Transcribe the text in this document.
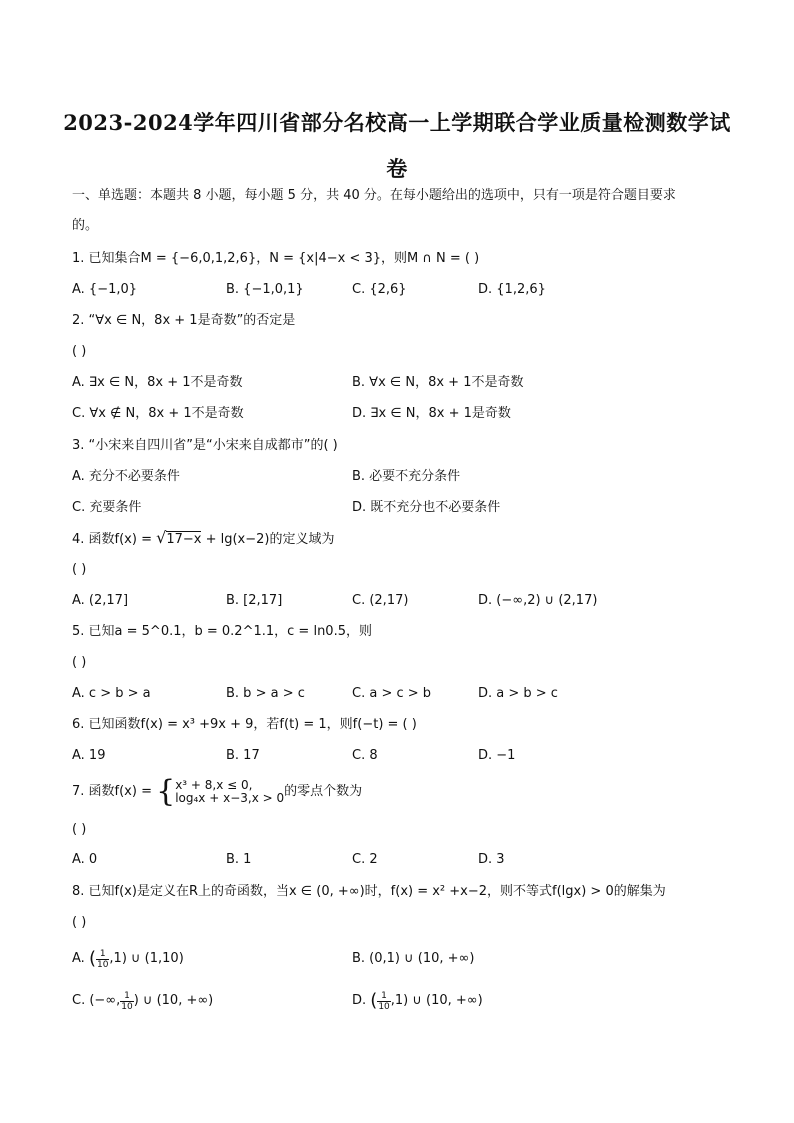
2023-2024学年四川省部分名校高一上学期联合学业质量检测数学试卷
一、单选题：本题共 8 小题，每小题 5 分，共 40 分。在每小题给出的选项中，只有一项是符合题目要求
的。
1. 已知集合M = {−6,0,1,2,6}，N = {x|4−x < 3}，则M ∩ N = ( )
A. {−1,0}	B. {−1,0,1}	C. {2,6}	D. {1,2,6}
2. “∀x ∈ N，8x + 1是奇数”的否定是
( )
A. ∃x ∈ N，8x + 1不是奇数	B. ∀x ∈ N，8x + 1不是奇数
C. ∀x ∉ N，8x + 1不是奇数	D. ∃x ∈ N，8x + 1是奇数
3. “小宋来自四川省”是“小宋来自成都市”的( )
A. 充分不必要条件	B. 必要不充分条件
C. 充要条件	D. 既不充分也不必要条件
4. 函数f(x) = √17−x + lg(x−2)的定义域为
( )
A. (2,17]	B. [2,17]	C. (2,17)	D. (−∞,2) ∪ (2,17)
5. 已知a = 5^0.1，b = 0.2^1.1，c = ln0.5，则
( )
A. c > b > a	B. b > a > c	C. a > c > b	D. a > b > c
6. 已知函数f(x) = x³ +9x + 9，若f(t) = 1，则f(−t) = ( )
A. 19	B. 17	C. 8	D. −1
7. 函数f(x) = { x³ + 8,x ≤ 0,
log₄x + x−3,x > 0 的零点个数为
( )
A. 0	B. 1	C. 2	D. 3
8. 已知f(x)是定义在R上的奇函数，当x ∈ (0, +∞)时，f(x) = x² +x−2，则不等式f(lgx) > 0的解集为
( )
A. ( $\frac{1}{10} ,1$) ∪ (1,10)	B. (0,1) ∪ (10, +∞)
C. (−∞, $\frac{1}{10}$ ) ∪ (10, +∞)	D. ( $\frac{1}{10} ,1$) ∪ (10, +∞)
